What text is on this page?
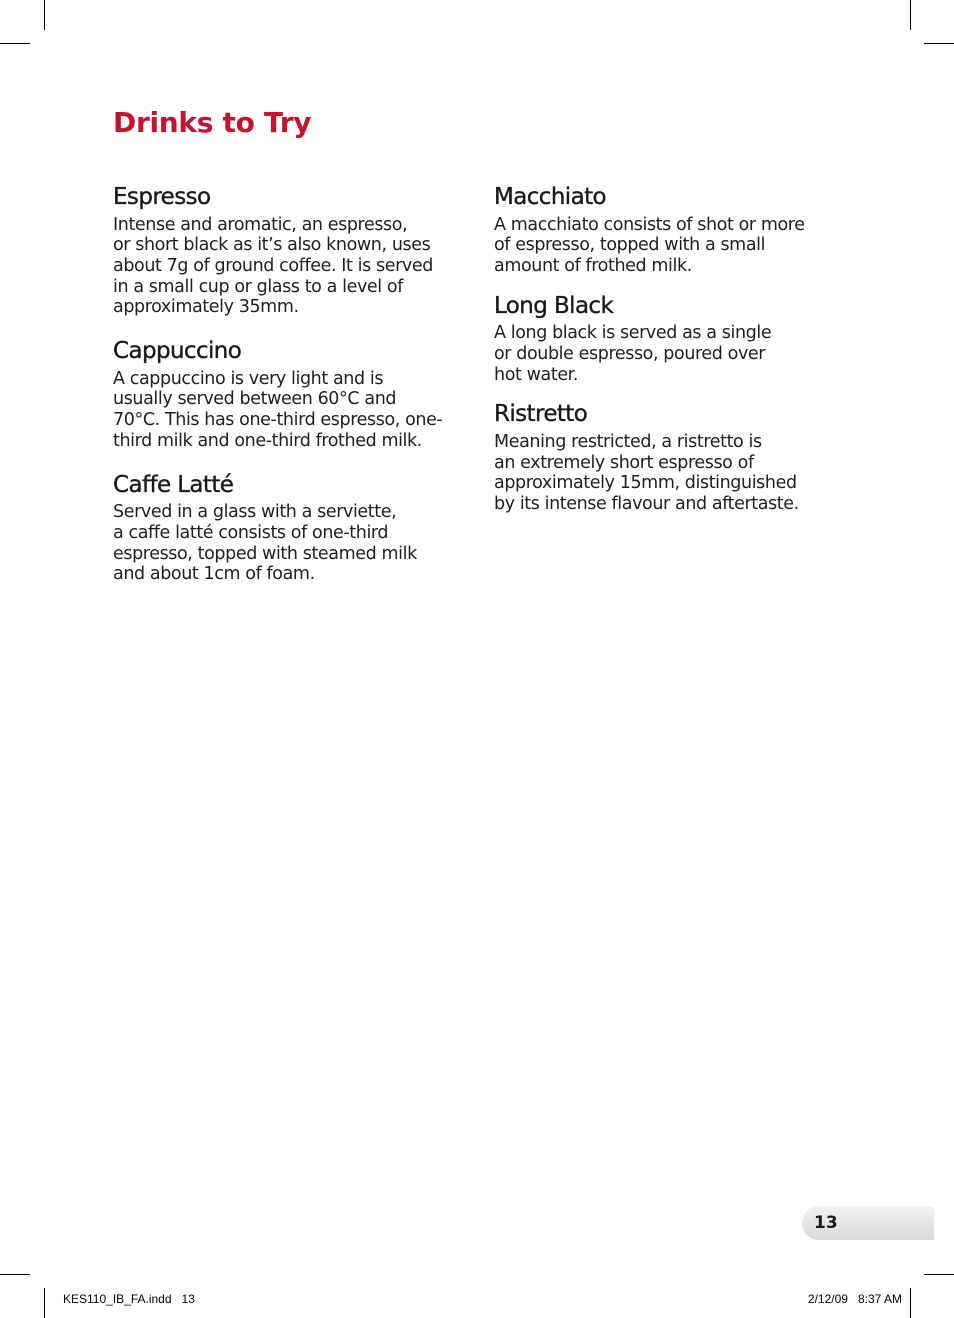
Drinks to Try
Espresso
Intense and aromatic, an espresso,
or short black as it’s also known, uses
about 7g of ground coffee. It is served
in a small cup or glass to a level of
approximately 35mm.
Cappuccino
A cappuccino is very light and is
usually served between 60°C and
70°C. This has one-third espresso, one-
third milk and one-third frothed milk.
Caffe Latté
Served in a glass with a serviette,
a caffe latté consists of one-third
espresso, topped with steamed milk
and about 1cm of foam.
Macchiato
A macchiato consists of shot or more
of espresso, topped with a small
amount of frothed milk.
Long Black
A long black is served as a single
or double espresso, poured over
hot water.
Ristretto
Meaning restricted, a ristretto is
an extremely short espresso of
approximately 15mm, distinguished
by its intense flavour and aftertaste.
13
KES110_IB_FA.indd   13	2/12/09   8:37 AM
